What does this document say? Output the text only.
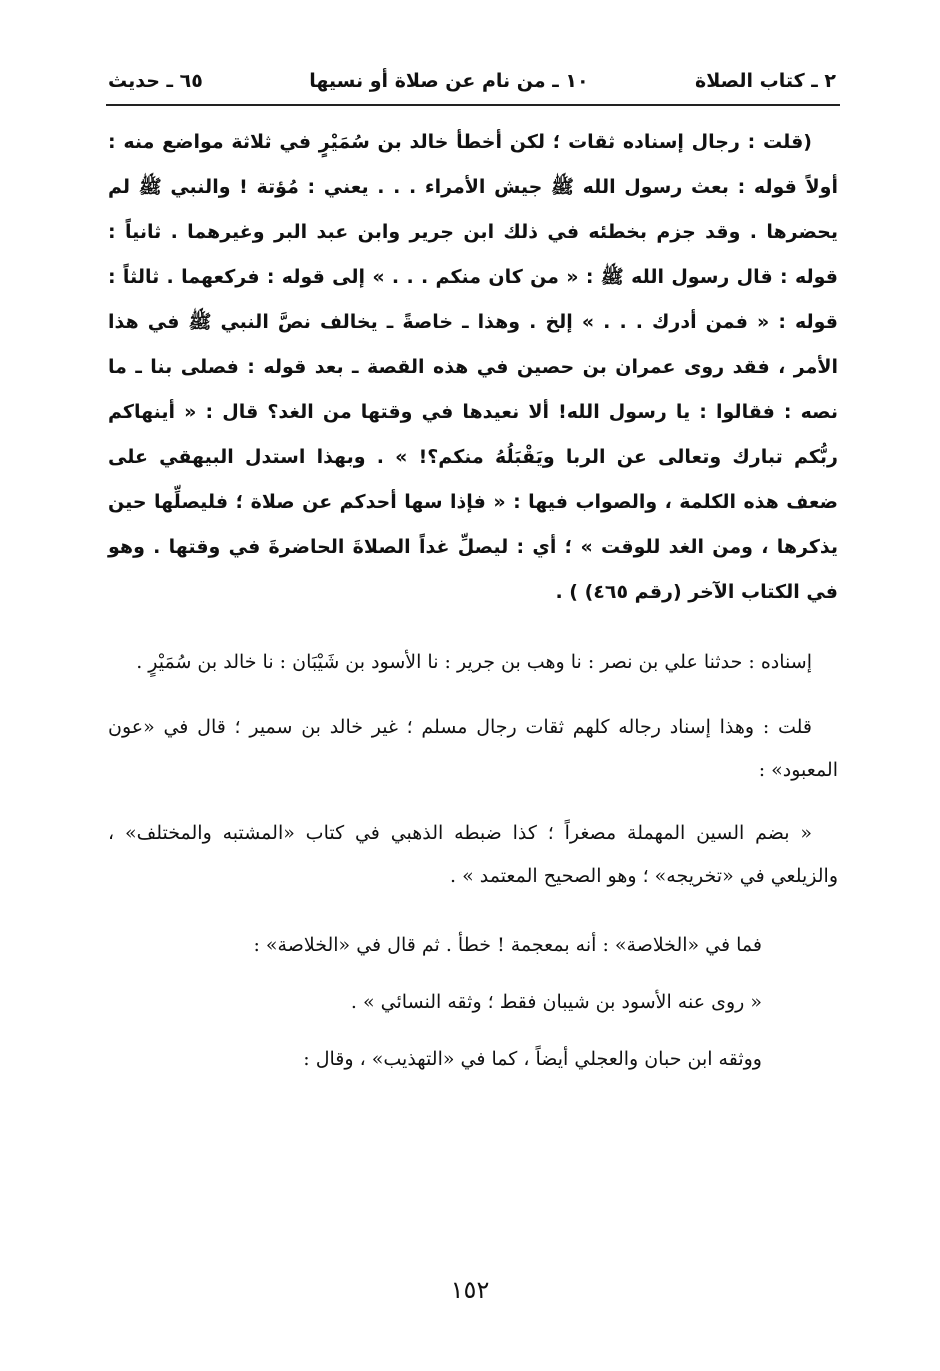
٢ ـ كتاب الصلاة
١٠ ـ من نام عن صلاة أو نسيها
٦٥ ـ حديث

(قلت : رجال إسناده ثقات ؛ لكن أخطأ خالد بن سُمَيْرٍ في ثلاثة مواضع منه : أولاً قوله : بعث رسول الله ﷺ جيش الأمراء . . . يعني : مُؤتة ! والنبي ﷺ لم يحضرها . وقد جزم بخطئه في ذلك ابن جرير وابن عبد البر وغيرهما . ثانياً : قوله : قال رسول الله ﷺ : « من كان منكم . . . » إلى قوله : فركعهما . ثالثاً : قوله : « فمن أدرك . . . » إلخ . وهذا ـ خاصةً ـ يخالف نصَّ النبي ﷺ في هذا الأمر ، فقد روى عمران بن حصين في هذه القصة ـ بعد قوله : فصلى بنا ـ ما نصه : فقالوا : يا رسول الله! ألا نعيدها في وقتها من الغد؟ قال : « أينهاكم ربُّكم تبارك وتعالى عن الربا ويَقْبَلُهُ منكم؟! » . وبهذا استدل البيهقي على ضعف هذه الكلمة ، والصواب فيها : « فإذا سها أحدكم عن صلاة ؛ فليصلِّها حين يذكرها ، ومن الغد للوقت » ؛ أي : ليصلِّ غداً الصلاةَ الحاضرةَ في وقتها . وهو في الكتاب الآخر (رقم ٤٦٥) ) .

إسناده : حدثنا علي بن نصر : نا وهب بن جرير : نا الأسود بن شَيْبَان : نا خالد بن سُمَيْرٍ .

قلت : وهذا إسناد رجاله كلهم ثقات رجال مسلم ؛ غير خالد بن سمير ؛ قال في «عون المعبود» :

« بضم السين المهملة مصغراً ؛ كذا ضبطه الذهبي في كتاب «المشتبه والمختلف» ، والزيلعي في «تخريجه» ؛ وهو الصحيح المعتمد » .

فما في «الخلاصة» : أنه بمعجمة ! خطأ . ثم قال في «الخلاصة» :

« روى عنه الأسود بن شيبان فقط ؛ وثقه النسائي » .

ووثقه ابن حبان والعجلي أيضاً ، كما في «التهذيب» ، وقال :

١٥٢
